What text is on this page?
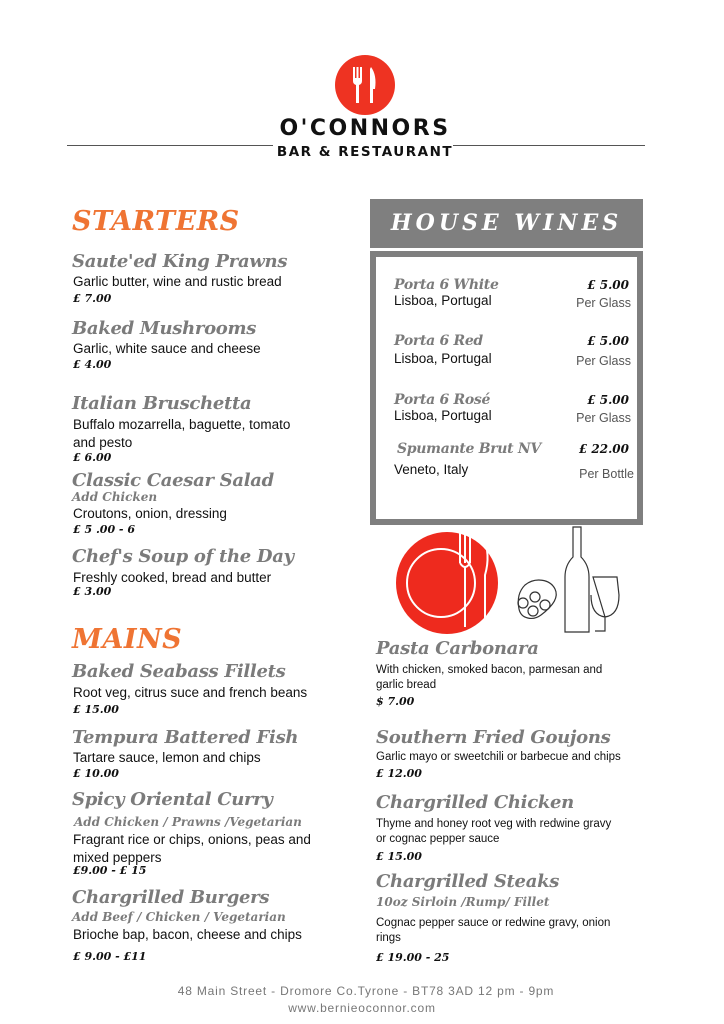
O'CONNORS
BAR & RESTAURANT
STARTERS
Saute'ed King Prawns
Garlic butter, wine and rustic bread
£ 7.00
Baked Mushrooms
Garlic, white sauce and cheese
£ 4.00
Italian Bruschetta
Buffalo mozarrella, baguette, tomato
and pesto
£ 6.00
Classic Caesar Salad
Add Chicken
Croutons, onion, dressing
£ 5 .00 - 6
Chef's Soup of the Day
Freshly cooked, bread and butter
£ 3.00
MAINS
Baked Seabass Fillets
Root veg, citrus suce and french beans
£ 15.00
Tempura Battered Fish
Tartare sauce, lemon and chips
£ 10.00
Spicy Oriental Curry
Add Chicken / Prawns /Vegetarian
Fragrant rice or chips, onions, peas and
mixed peppers
£9.00 - £ 15
Chargrilled Burgers
Add Beef / Chicken / Vegetarian
Brioche bap, bacon, cheese and chips
£ 9.00 - £11
HOUSE WINES
Porta 6 White
Lisboa, Portugal
£ 5.00
Per Glass
Porta 6 Red
Lisboa, Portugal
£ 5.00
Per Glass
Porta 6 Rosé
Lisboa, Portugal
£ 5.00
Per Glass
Spumante Brut NV
Veneto, Italy
£ 22.00
Per Bottle
Pasta Carbonara
With chicken, smoked bacon, parmesan and
garlic bread
$ 7.00
Southern Fried Goujons
Garlic mayo or sweetchili or barbecue and chips
£ 12.00
Chargrilled Chicken
Thyme and honey root veg with redwine gravy
or cognac pepper sauce
£ 15.00
Chargrilled Steaks
10oz Sirloin /Rump/ Fillet
Cognac pepper sauce or redwine gravy, onion
rings
£ 19.00 - 25
48 Main Street - Dromore Co.Tyrone - BT78 3AD 12 pm - 9pm
www.bernieoconnor.com
